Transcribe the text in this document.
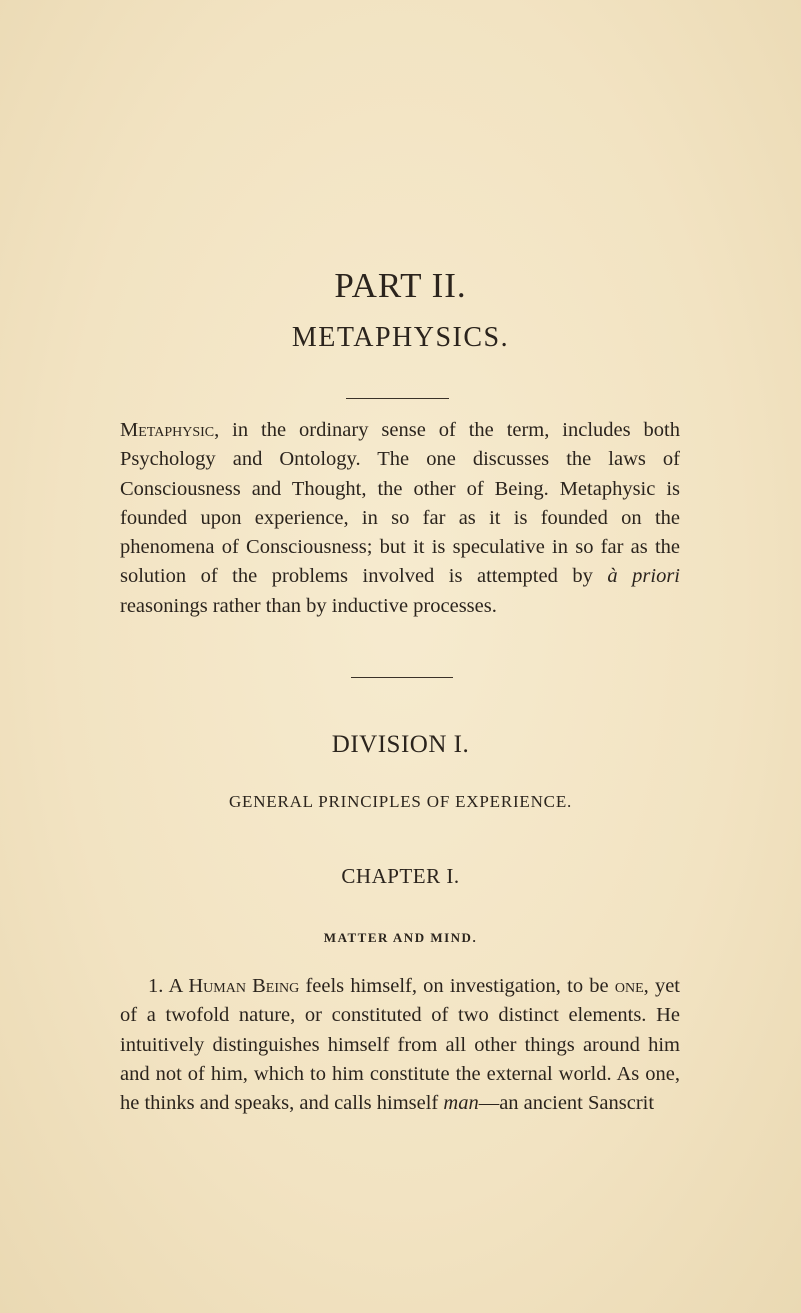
PART II.
METAPHYSICS.

Metaphysic, in the ordinary sense of the term, includes both Psychology and Ontology. The one discusses the laws of Consciousness and Thought, the other of Being. Metaphysic is founded upon experience, in so far as it is founded on the phenomena of Consciousness; but it is speculative in so far as the solution of the problems involved is attempted by à priori reasonings rather than by inductive processes.

DIVISION I.
GENERAL PRINCIPLES OF EXPERIENCE.
CHAPTER I.
MATTER AND MIND.

1. A Human Being feels himself, on investigation, to be one, yet of a twofold nature, or constituted of two distinct elements. He intuitively distinguishes himself from all other things around him and not of him, which to him constitute the external world. As one, he thinks and speaks, and calls himself man—an ancient Sanscrit
